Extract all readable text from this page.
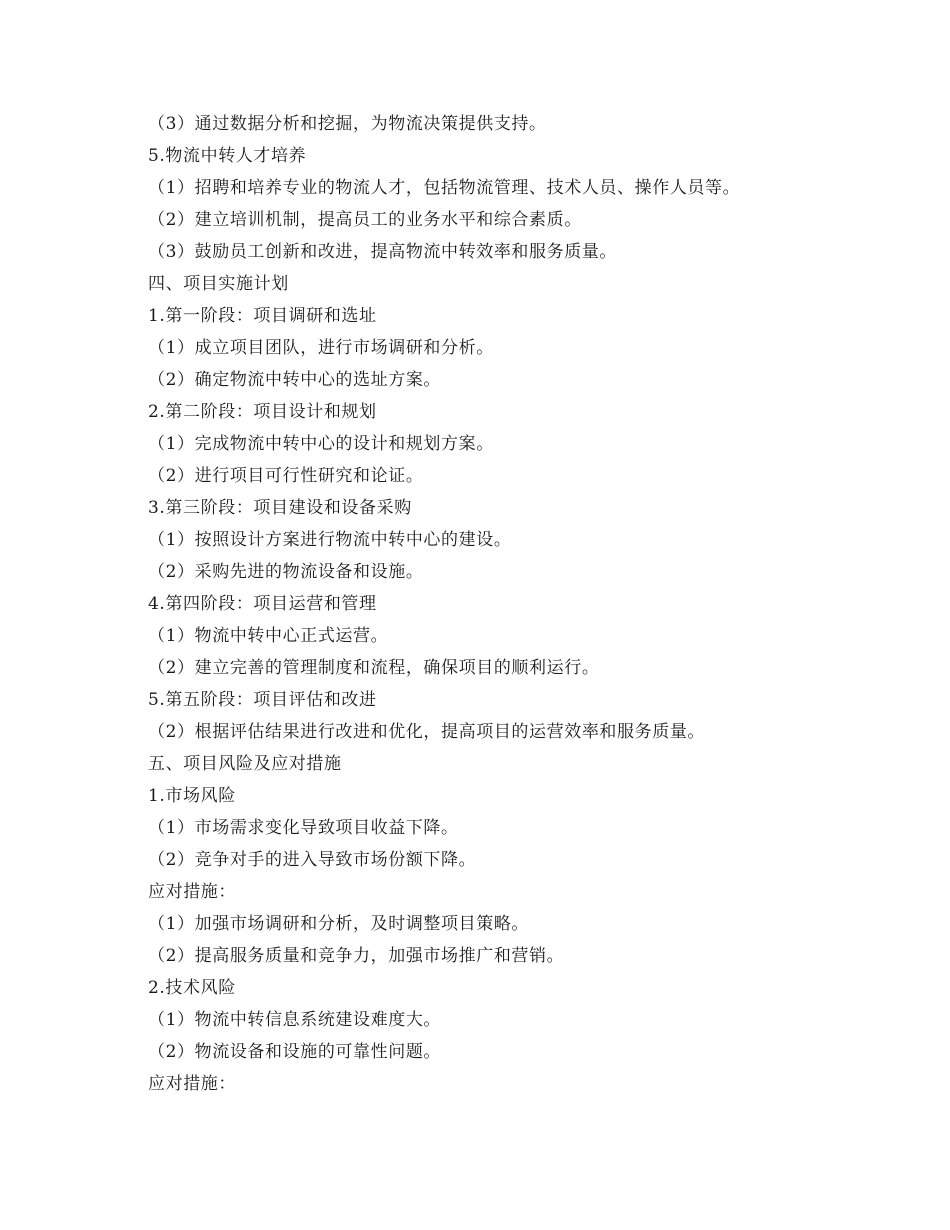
（3）通过数据分析和挖掘，为物流决策提供支持。
5.物流中转人才培养
（1）招聘和培养专业的物流人才，包括物流管理、技术人员、操作人员等。
（2）建立培训机制，提高员工的业务水平和综合素质。
（3）鼓励员工创新和改进，提高物流中转效率和服务质量。
四、项目实施计划
1.第一阶段：项目调研和选址
（1）成立项目团队，进行市场调研和分析。
（2）确定物流中转中心的选址方案。
2.第二阶段：项目设计和规划
（1）完成物流中转中心的设计和规划方案。
（2）进行项目可行性研究和论证。
3.第三阶段：项目建设和设备采购
（1）按照设计方案进行物流中转中心的建设。
（2）采购先进的物流设备和设施。
4.第四阶段：项目运营和管理
（1）物流中转中心正式运营。
（2）建立完善的管理制度和流程，确保项目的顺利运行。
5.第五阶段：项目评估和改进
（2）根据评估结果进行改进和优化，提高项目的运营效率和服务质量。
五、项目风险及应对措施
1.市场风险
（1）市场需求变化导致项目收益下降。
（2）竞争对手的进入导致市场份额下降。
应对措施：
（1）加强市场调研和分析，及时调整项目策略。
（2）提高服务质量和竞争力，加强市场推广和营销。
2.技术风险
（1）物流中转信息系统建设难度大。
（2）物流设备和设施的可靠性问题。
应对措施：
